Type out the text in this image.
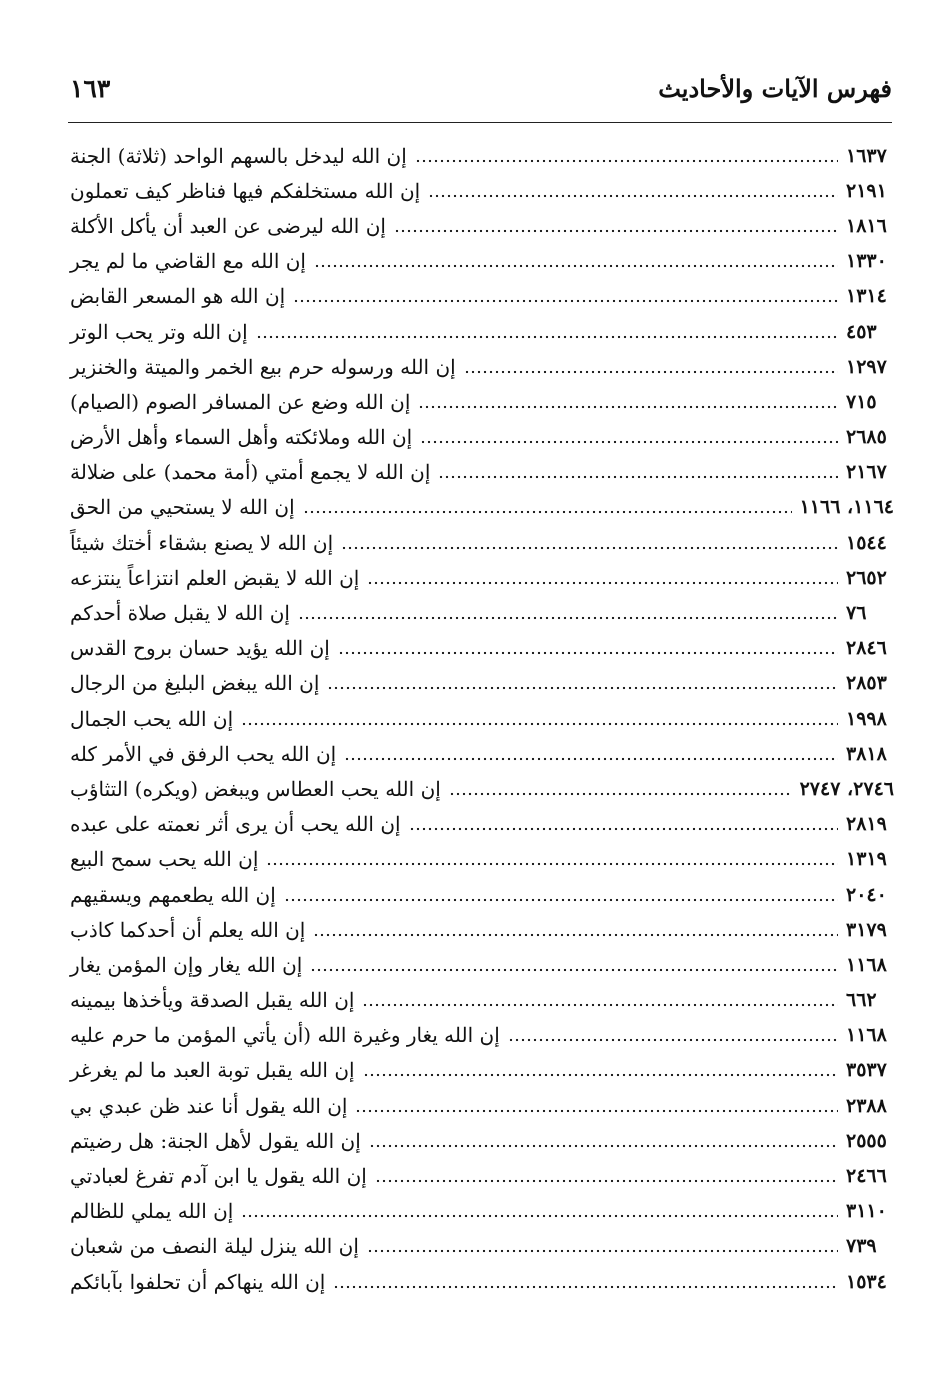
١٦٣	فهرس الآيات والأحاديث
إن الله ليدخل بالسهم الواحد (ثلاثة) الجنة	١٦٣٧
إن الله مستخلفكم فيها فناظر كيف تعملون	٢١٩١
إن الله ليرضى عن العبد أن يأكل الأكلة	١٨١٦
إن الله مع القاضي ما لم يجر	١٣٣٠
إن الله هو المسعر القابض	١٣١٤
إن الله وتر يحب الوتر	٤٥٣
إن الله ورسوله حرم بيع الخمر والميتة والخنزير	١٢٩٧
إن الله وضع عن المسافر الصوم (الصيام)	٧١٥
إن الله وملائكته وأهل السماء وأهل الأرض	٢٦٨٥
إن الله لا يجمع أمتي (أمة محمد) على ضلالة	٢١٦٧
إن الله لا يستحيي من الحق	١١٦٤، ١١٦٦
إن الله لا يصنع بشقاء أختك شيئاً	١٥٤٤
إن الله لا يقبض العلم انتزاعاً ينتزعه	٢٦٥٢
إن الله لا يقبل صلاة أحدكم	٧٦
إن الله يؤيد حسان بروح القدس	٢٨٤٦
إن الله يبغض البليغ من الرجال	٢٨٥٣
إن الله يحب الجمال	١٩٩٨
إن الله يحب الرفق في الأمر كله	٣٨١٨
إن الله يحب العطاس ويبغض (ويكره) التثاؤب	٢٧٤٦، ٢٧٤٧
إن الله يحب أن يرى أثر نعمته على عبده	٢٨١٩
إن الله يحب سمح البيع	١٣١٩
إن الله يطعمهم ويسقيهم	٢٠٤٠
إن الله يعلم أن أحدكما كاذب	٣١٧٩
إن الله يغار وإن المؤمن يغار	١١٦٨
إن الله يقبل الصدقة ويأخذها بيمينه	٦٦٢
إن الله يغار وغيرة الله (أن يأتي المؤمن ما حرم عليه	١١٦٨
إن الله يقبل توبة العبد ما لم يغرغر	٣٥٣٧
إن الله يقول أنا عند ظن عبدي بي	٢٣٨٨
إن الله يقول لأهل الجنة: هل رضيتم	٢٥٥٥
إن الله يقول يا ابن آدم تفرغ لعبادتي	٢٤٦٦
إن الله يملي للظالم	٣١١٠
إن الله ينزل ليلة النصف من شعبان	٧٣٩
إن الله ينهاكم أن تحلفوا بآبائكم	١٥٣٤
